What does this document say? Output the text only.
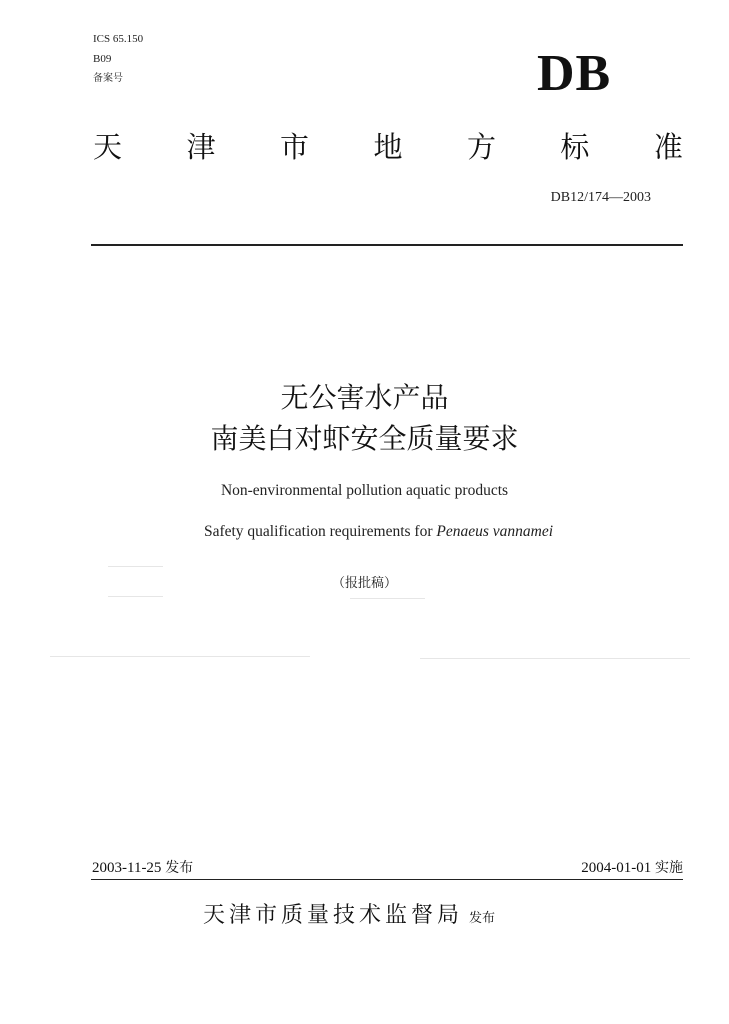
ICS 65.150
B09
备案号	DB
天 津 市 地 方 标 准
DB12/174—2003
无公害水产品
南美白对虾安全质量要求
Non-environmental pollution aquatic products
Safety qualification requirements for Penaeus vannamei
（报批稿）
2003-11-25 发布	2004-01-01 实施
天津市质量技术监督局 发布
